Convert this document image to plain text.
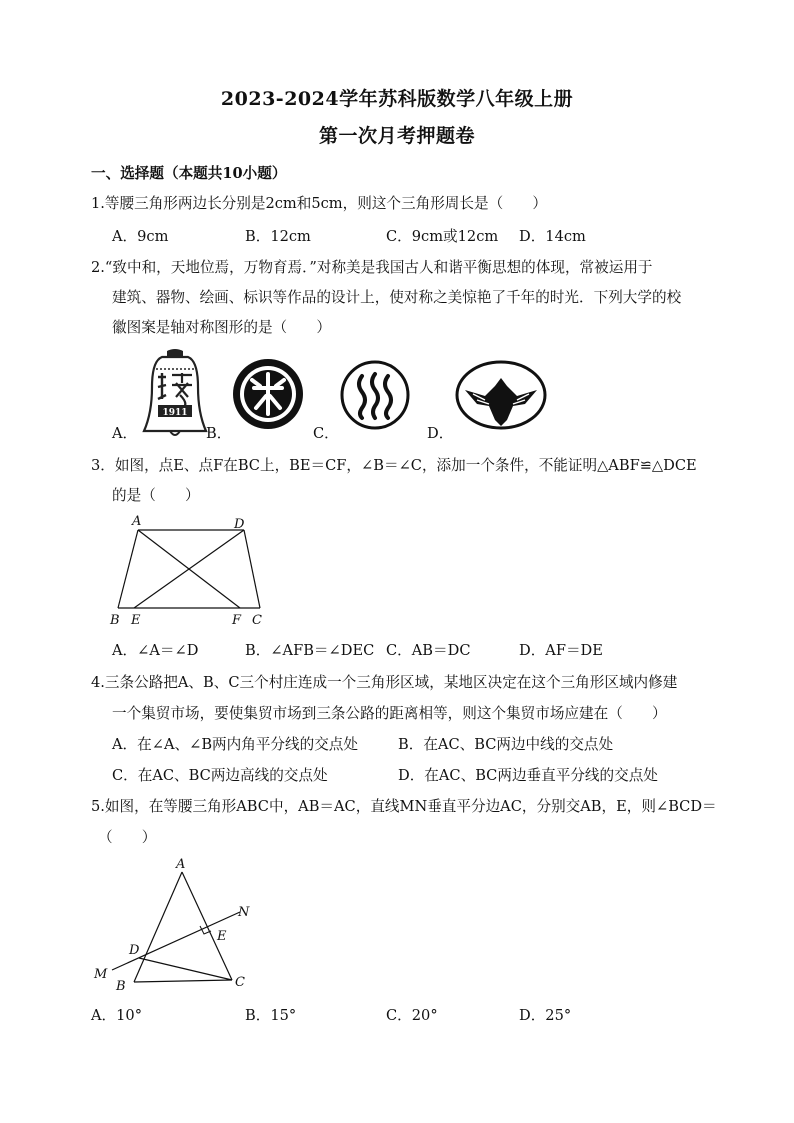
2023-2024学年苏科版数学八年级上册
第一次月考押题卷
一、选择题（本题共10小题）
1.等腰三角形两边长分别是2cm和5cm，则这个三角形周长是（　　）
A．9cm	B．12cm	C．9cm或12cm D．14cm
2.“致中和，天地位焉，万物育焉．”对称美是我国古人和谐平衡思想的体现，常被运用于
建筑、器物、绘画、标识等作品的设计上，使对称之美惊艳了千年的时光．下列大学的校
徽图案是轴对称图形的是（　　）
1911
A．	B．	C．	D．
3．如图，点E、点F在BC上，BE＝CF，∠B＝∠C，添加一个条件，不能证明△ABF≌△DCE
的是（　　）
A	D
B E	F C
A．∠A＝∠D	B．∠AFB＝∠DEC C．AB＝DC	D．AF＝DE
4.三条公路把A、B、C三个村庄连成一个三角形区域，某地区决定在这个三角形区域内修建
一个集贸市场，要使集贸市场到三条公路的距离相等，则这个集贸市场应建在（　　）
A．在∠A、∠B两内角平分线的交点处	B．在AC、BC两边中线的交点处
C．在AC、BC两边高线的交点处	D．在AC、BC两边垂直平分线的交点处
5.如图，在等腰三角形ABC中，AB＝AC，直线MN垂直平分边AC，分别交AB，E，则∠BCD＝
（　　）
A
N
E
D
M
B	C
A．10°	B．15°	C．20°	D．25°
